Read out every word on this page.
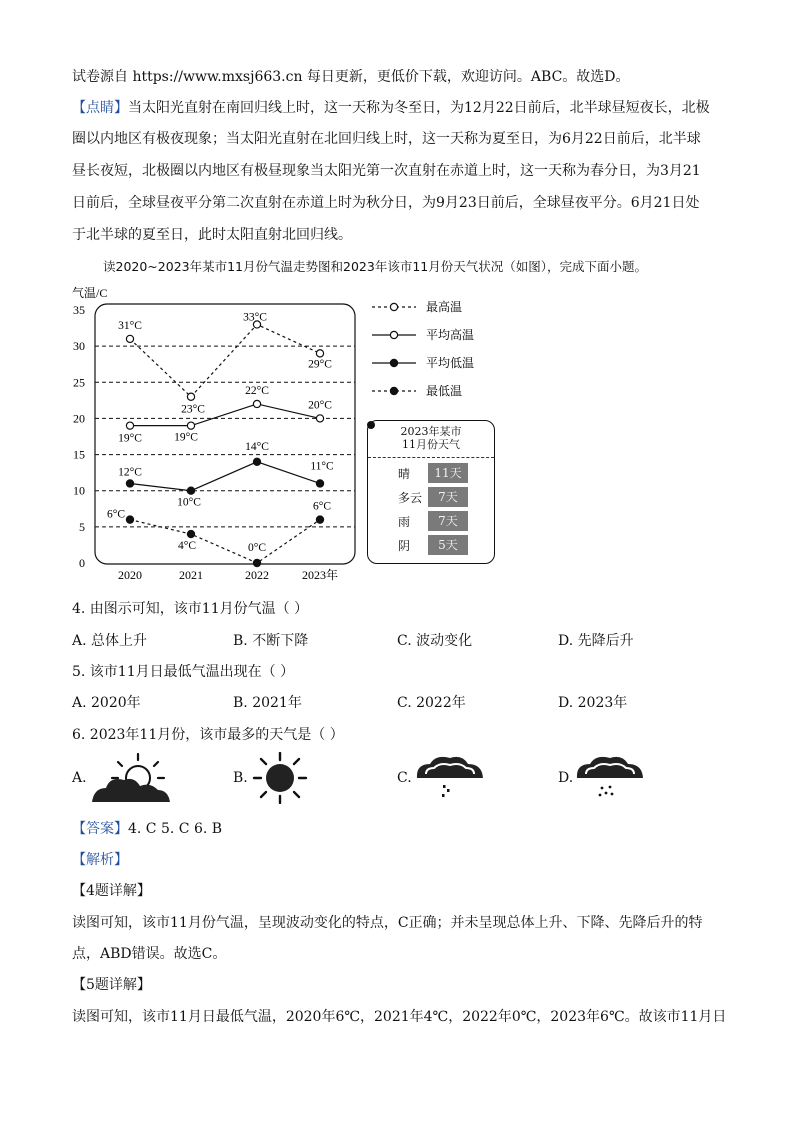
试卷源自 https://www.mxsj663.cn 每日更新，更低价下载，欢迎访问。ABC。故选D。
【点睛】当太阳光直射在南回归线上时，这一天称为冬至日，为12月22日前后，北半球昼短夜长，北极
圈以内地区有极夜现象；当太阳光直射在北回归线上时，这一天称为夏至日，为6月22日前后，北半球
昼长夜短，北极圈以内地区有极昼现象当太阳光第一次直射在赤道上时，这一天称为春分日，为3月21
日前后，全球昼夜平分第二次直射在赤道上时为秋分日，为9月23日前后，全球昼夜平分。6月21日处
于北半球的夏至日，此时太阳直射北回归线。
读2020~2023年某市11月份气温走势图和2023年该市11月份天气状况（如图），完成下面小题。
气温/C
0
5
10
15
20
25
30
35
2020	2021	2022	2023年
31°C
23°C
33°C
29°C
19°C	19°C
22°C
20°C
12°C
10°C
14°C
11°C
6°C
4°C	0°C
6°C
最高温
平均高温
平均低温
最低温
2023年某市
11月份天气
晴	11天
多云	7天
雨	7天
阴	5天
4. 由图示可知，该市11月份气温（ ）
A. 总体上升	B. 不断下降	C. 波动变化	D. 先降后升
5. 该市11月日最低气温出现在（ ）
A. 2020年	B. 2021年	C. 2022年	D. 2023年
6. 2023年11月份，该市最多的天气是（ ）
A.	B.	C.	D.
【答案】4. C 5. C 6. B
【解析】
【4题详解】
读图可知，该市11月份气温，呈现波动变化的特点，C正确；并未呈现总体上升、下降、先降后升的特
点，ABD错误。故选C。
【5题详解】
读图可知，该市11月日最低气温，2020年6℃，2021年4℃，2022年0℃，2023年6℃。故该市11月日
